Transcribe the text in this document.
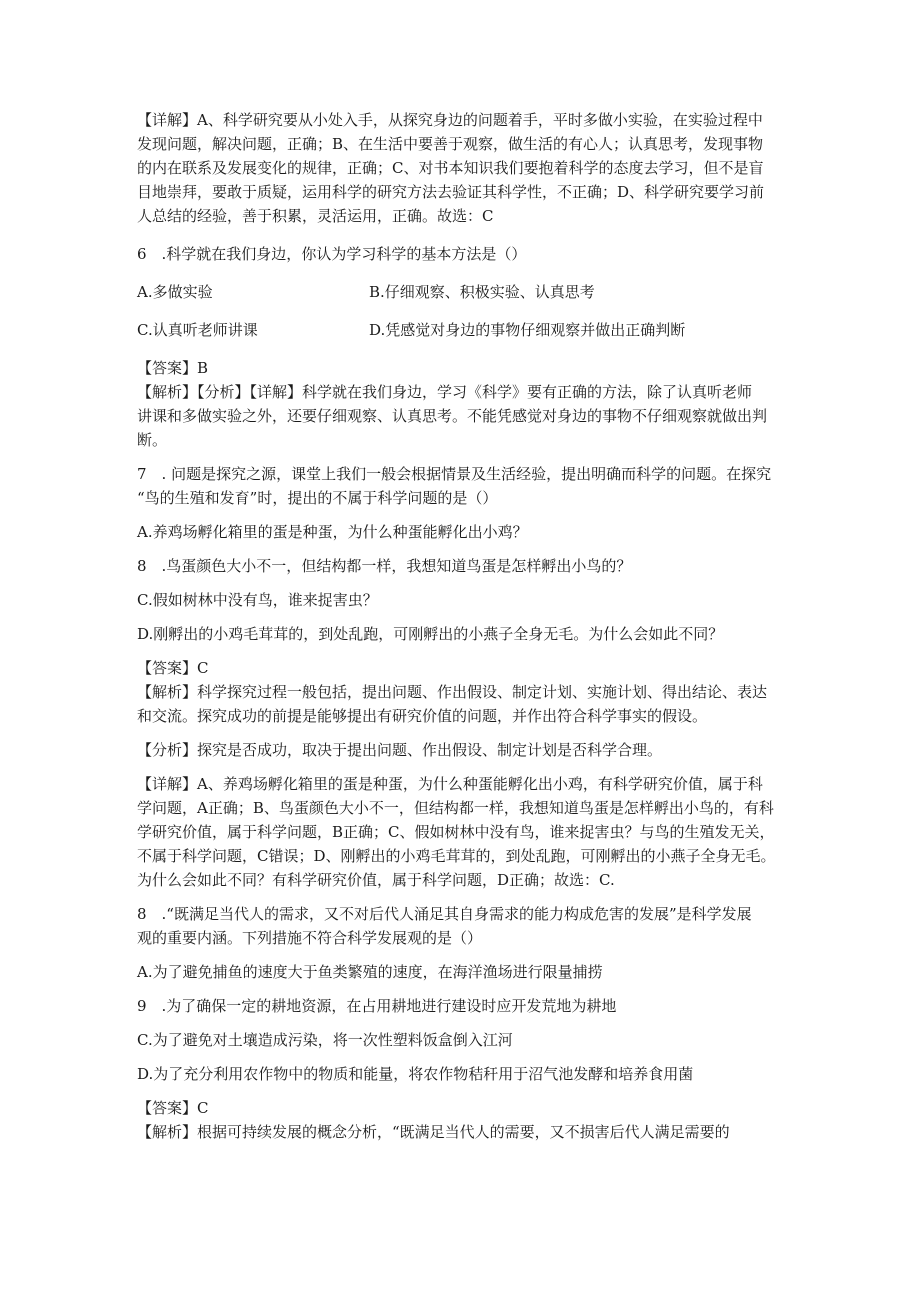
【详解】A、科学研究要从小处入手，从探究身边的问题着手，平时多做小实验，在实验过程中
发现问题，解决问题，正确；B、在生活中要善于观察，做生活的有心人；认真思考，发现事物
的内在联系及发展变化的规律，正确；C、对书本知识我们要抱着科学的态度去学习，但不是盲
目地崇拜，要敢于质疑，运用科学的研究方法去验证其科学性，不正确；D、科学研究要学习前
人总结的经验，善于积累，灵活运用，正确。故选：C
6　.科学就在我们身边，你认为学习科学的基本方法是（）
A.多做实验	B.仔细观察、积极实验、认真思考
C.认真听老师讲课	D.凭感觉对身边的事物仔细观察并做出正确判断
【答案】B
【解析】【分析】【详解】科学就在我们身边，学习《科学》要有正确的方法，除了认真听老师
讲课和多做实验之外，还要仔细观察、认真思考。不能凭感觉对身边的事物不仔细观察就做出判
断。
7　. 问题是探究之源，课堂上我们一般会根据情景及生活经验，提出明确而科学的问题。在探究
“鸟的生殖和发育”时，提出的不属于科学问题的是（）
A.养鸡场孵化箱里的蛋是种蛋，为什么种蛋能孵化出小鸡？
8　.鸟蛋颜色大小不一，但结构都一样，我想知道鸟蛋是怎样孵出小鸟的？
C.假如树林中没有鸟，谁来捉害虫？
D.刚孵出的小鸡毛茸茸的，到处乱跑，可刚孵出的小燕子全身无毛。为什么会如此不同？
【答案】C
【解析】科学探究过程一般包括，提出问题、作出假设、制定计划、实施计划、得出结论、表达
和交流。探究成功的前提是能够提出有研究价值的问题，并作出符合科学事实的假设。
【分析】探究是否成功，取决于提出问题、作出假设、制定计划是否科学合理。
【详解】A、养鸡场孵化箱里的蛋是种蛋，为什么种蛋能孵化出小鸡，有科学研究价值，属于科
学问题，A正确；B、鸟蛋颜色大小不一，但结构都一样，我想知道鸟蛋是怎样孵出小鸟的，有科
学研究价值，属于科学问题，B正确；C、假如树林中没有鸟，谁来捉害虫？与鸟的生殖发无关，
不属于科学问题，C错误；D、刚孵出的小鸡毛茸茸的，到处乱跑，可刚孵出的小燕子全身无毛。
为什么会如此不同？有科学研究价值，属于科学问题，D正确；故选：C.
8　.“既满足当代人的需求，又不对后代人涌足其自身需求的能力构成危害的发展”是科学发展
观的重要内涵。下列措施不符合科学发展观的是（）
A.为了避免捕鱼的速度大于鱼类繁殖的速度，在海洋渔场进行限量捕捞
9　.为了确保一定的耕地资源，在占用耕地进行建设时应开发荒地为耕地
C.为了避免对土壤造成污染，将一次性塑料饭盒倒入江河
D.为了充分利用农作物中的物质和能量，将农作物秸秆用于沼气池发酵和培养食用菌
【答案】C
【解析】根据可持续发展的概念分析，“既满足当代人的需要，又不损害后代人满足需要的
